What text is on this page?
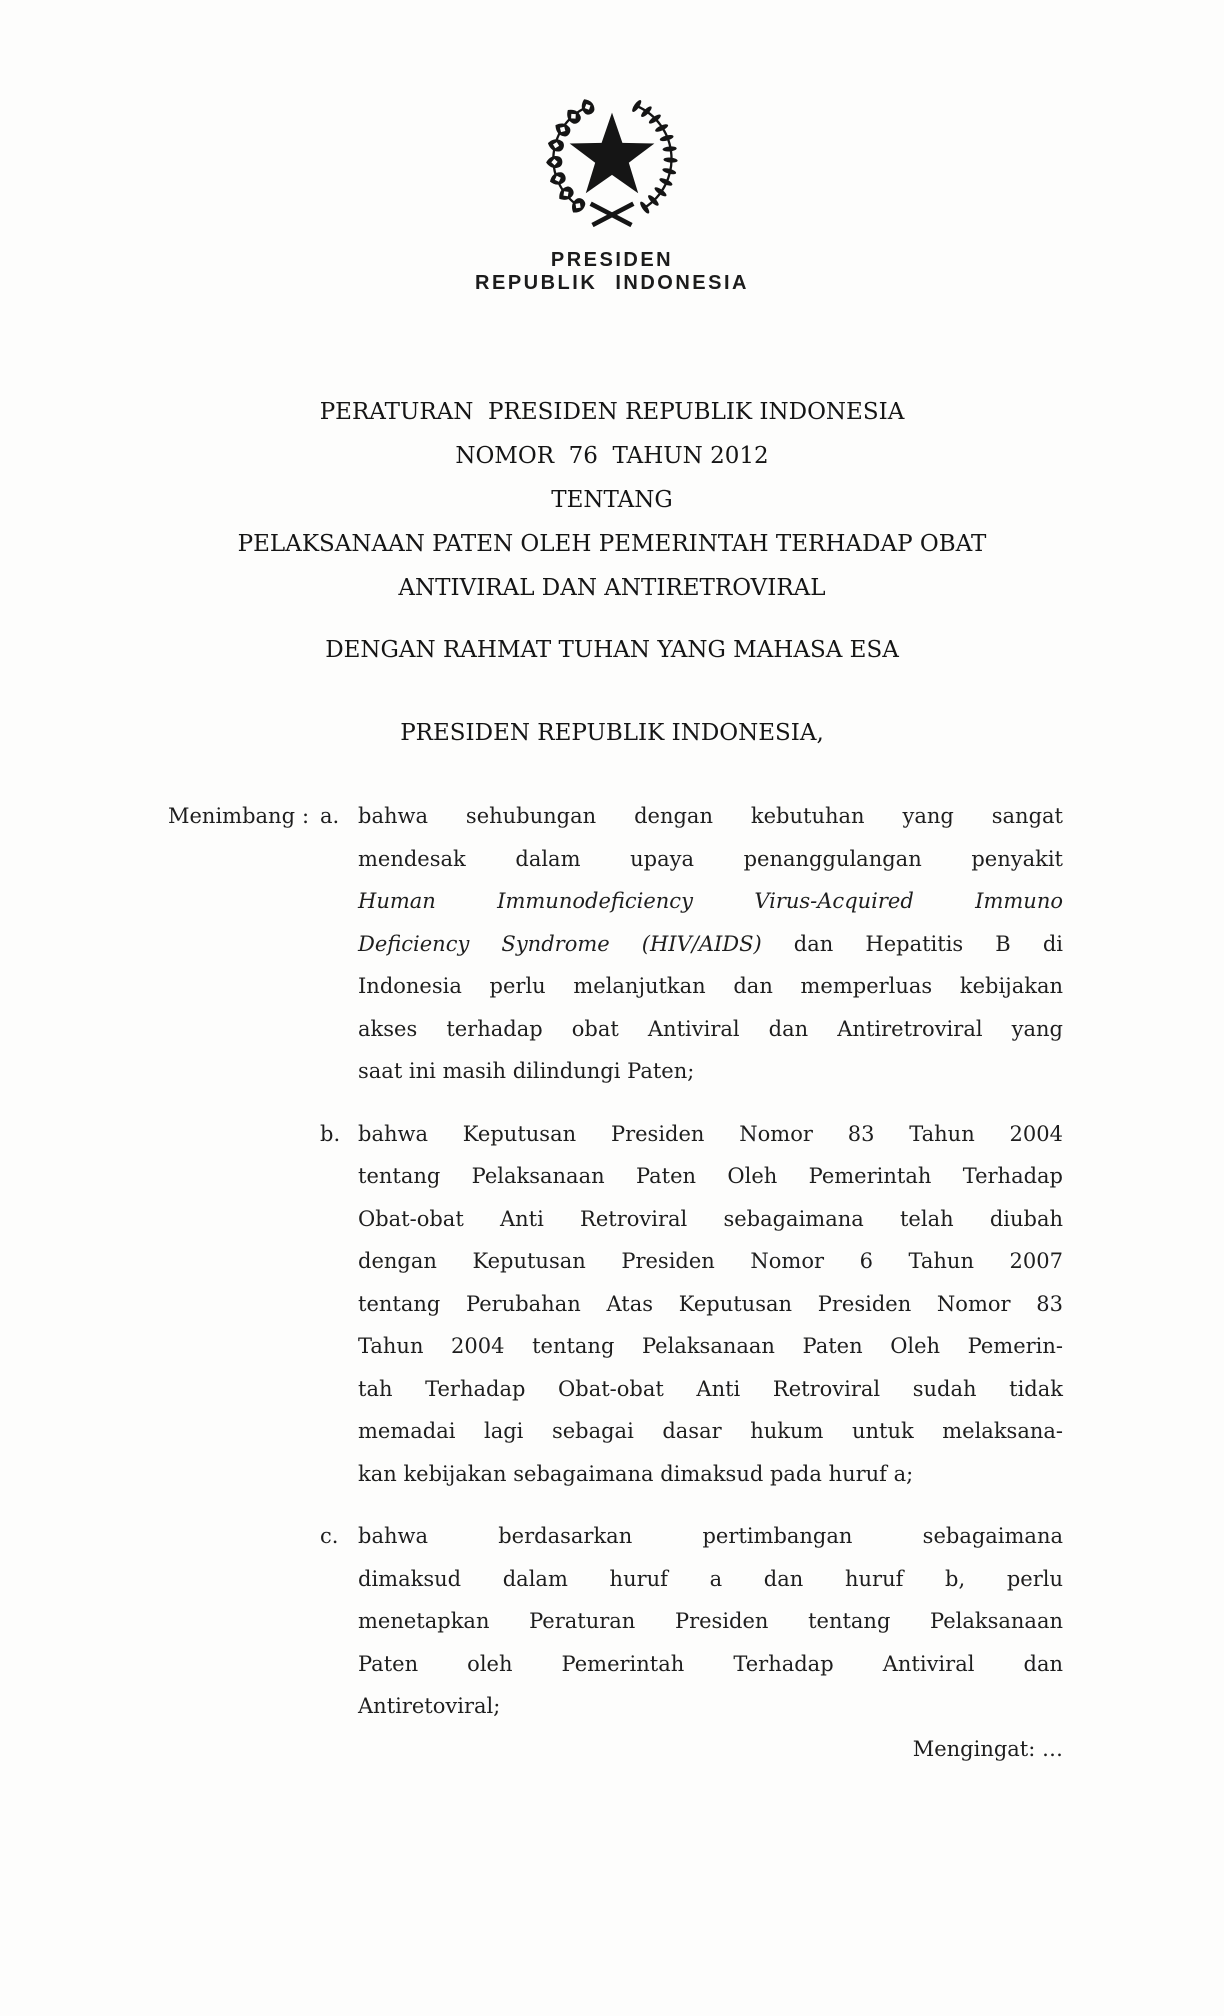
PRESIDEN
REPUBLIK INDONESIA
PERATURAN  PRESIDEN REPUBLIK INDONESIA
NOMOR  76  TAHUN 2012
TENTANG
PELAKSANAAN PATEN OLEH PEMERINTAH TERHADAP OBAT
ANTIVIRAL DAN ANTIRETROVIRAL
DENGAN RAHMAT TUHAN YANG MAHASA ESA
PRESIDEN REPUBLIK INDONESIA,
Menimbang : a. bahwa sehubungan dengan kebutuhan yang sangat
mendesak dalam upaya penanggulangan penyakit
Human Immunodeficiency Virus-Acquired Immuno
Deficiency Syndrome (HIV/AIDS) dan Hepatitis B di
Indonesia perlu melanjutkan dan memperluas kebijakan
akses terhadap obat Antiviral dan Antiretroviral yang
saat ini masih dilindungi Paten;
b. bahwa Keputusan Presiden Nomor 83 Tahun 2004
tentang Pelaksanaan Paten Oleh Pemerintah Terhadap
Obat-obat Anti Retroviral sebagaimana telah diubah
dengan Keputusan Presiden Nomor 6 Tahun 2007
tentang Perubahan Atas Keputusan Presiden Nomor 83
Tahun 2004 tentang Pelaksanaan Paten Oleh Pemerin-
tah Terhadap Obat-obat Anti Retroviral sudah tidak
memadai lagi sebagai dasar hukum untuk melaksana-
kan kebijakan sebagaimana dimaksud pada huruf a;
c. bahwa berdasarkan pertimbangan sebagaimana
dimaksud dalam huruf a dan huruf b, perlu
menetapkan Peraturan Presiden tentang Pelaksanaan
Paten oleh Pemerintah Terhadap Antiviral dan
Antiretoviral;
Mengingat: …
